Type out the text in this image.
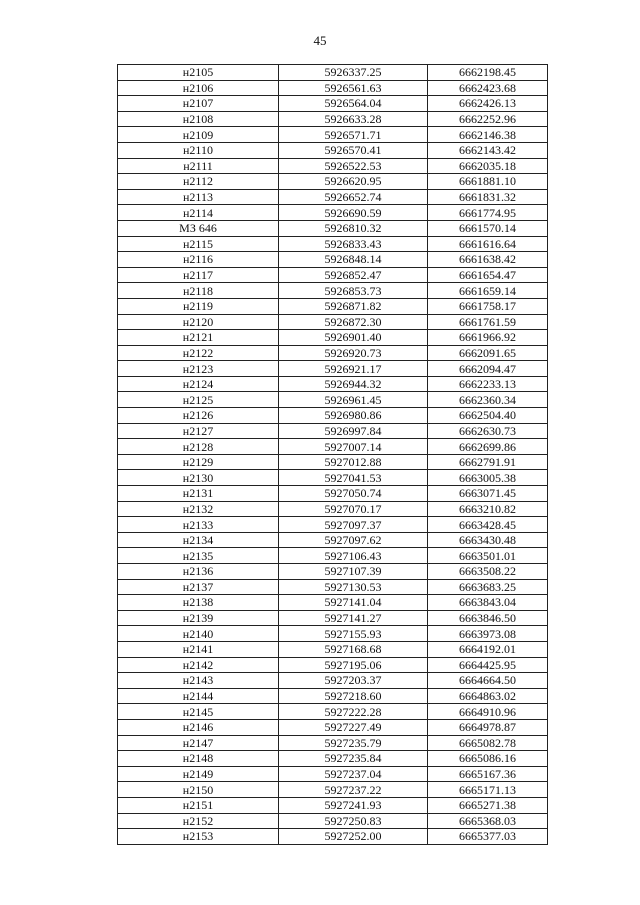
45
н2105	5926337.25	6662198.45
н2106	5926561.63	6662423.68
н2107	5926564.04	6662426.13
н2108	5926633.28	6662252.96
н2109	5926571.71	6662146.38
н2110	5926570.41	6662143.42
н2111	5926522.53	6662035.18
н2112	5926620.95	6661881.10
н2113	5926652.74	6661831.32
н2114	5926690.59	6661774.95
МЗ 646	5926810.32	6661570.14
н2115	5926833.43	6661616.64
н2116	5926848.14	6661638.42
н2117	5926852.47	6661654.47
н2118	5926853.73	6661659.14
н2119	5926871.82	6661758.17
н2120	5926872.30	6661761.59
н2121	5926901.40	6661966.92
н2122	5926920.73	6662091.65
н2123	5926921.17	6662094.47
н2124	5926944.32	6662233.13
н2125	5926961.45	6662360.34
н2126	5926980.86	6662504.40
н2127	5926997.84	6662630.73
н2128	5927007.14	6662699.86
н2129	5927012.88	6662791.91
н2130	5927041.53	6663005.38
н2131	5927050.74	6663071.45
н2132	5927070.17	6663210.82
н2133	5927097.37	6663428.45
н2134	5927097.62	6663430.48
н2135	5927106.43	6663501.01
н2136	5927107.39	6663508.22
н2137	5927130.53	6663683.25
н2138	5927141.04	6663843.04
н2139	5927141.27	6663846.50
н2140	5927155.93	6663973.08
н2141	5927168.68	6664192.01
н2142	5927195.06	6664425.95
н2143	5927203.37	6664664.50
н2144	5927218.60	6664863.02
н2145	5927222.28	6664910.96
н2146	5927227.49	6664978.87
н2147	5927235.79	6665082.78
н2148	5927235.84	6665086.16
н2149	5927237.04	6665167.36
н2150	5927237.22	6665171.13
н2151	5927241.93	6665271.38
н2152	5927250.83	6665368.03
н2153	5927252.00	6665377.03
